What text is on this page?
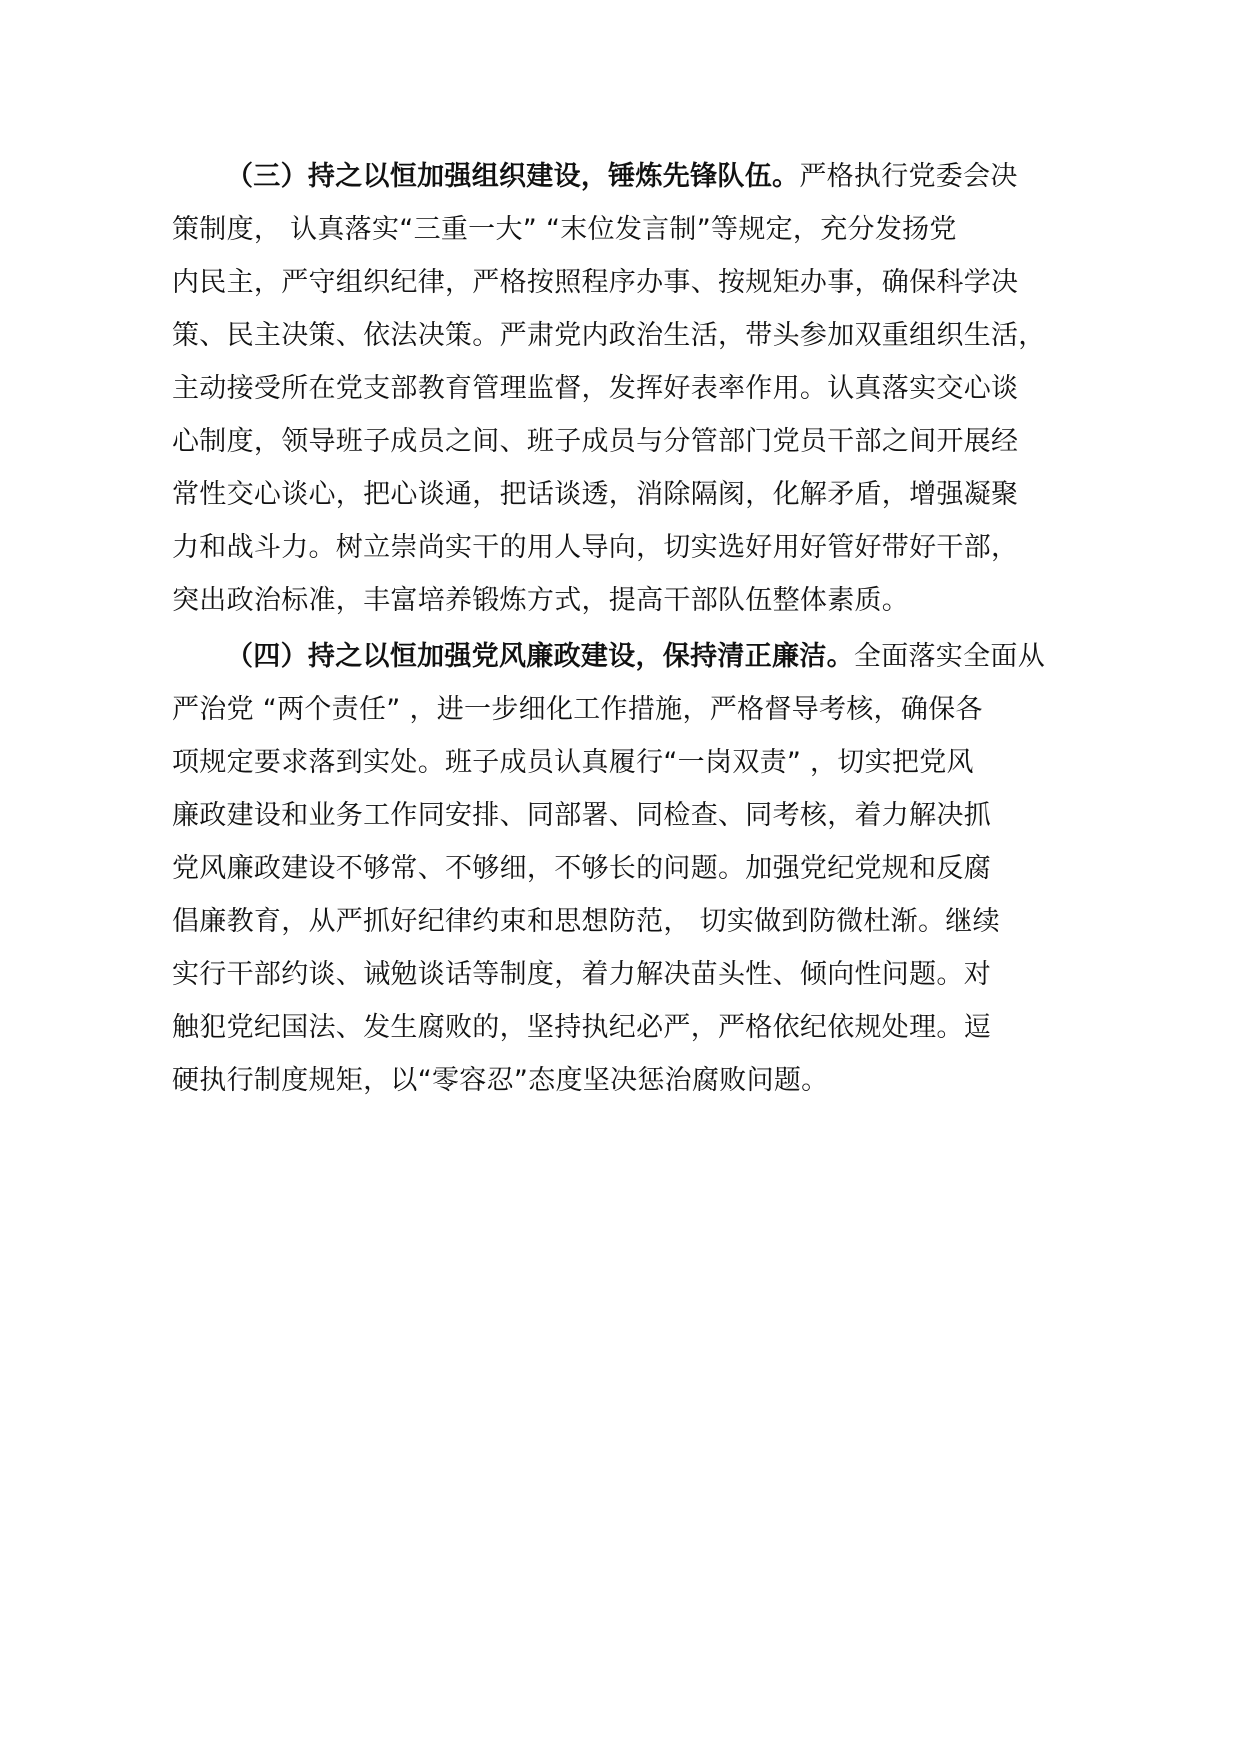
（三）持之以恒加强组织建设，锤炼先锋队伍。严格执行党委会决
策制度， 认真落实“三重一大” “末位发言制”等规定，充分发扬党
内民主，严守组织纪律，严格按照程序办事、按规矩办事，确保科学决
策、民主决策、依法决策。严肃党内政治生活，带头参加双重组织生活，
主动接受所在党支部教育管理监督，发挥好表率作用。认真落实交心谈
心制度，领导班子成员之间、班子成员与分管部门党员干部之间开展经
常性交心谈心，把心谈通，把话谈透，消除隔阂，化解矛盾，增强凝聚
力和战斗力。树立崇尚实干的用人导向，切实选好用好管好带好干部，
突出政治标准，丰富培养锻炼方式，提高干部队伍整体素质。
（四）持之以恒加强党风廉政建设，保持清正廉洁。全面落实全面从
严治党 “两个责任” ，进一步细化工作措施，严格督导考核，确保各
项规定要求落到实处。班子成员认真履行“一岗双责” ，切实把党风
廉政建设和业务工作同安排、同部署、同检查、同考核，着力解决抓
党风廉政建设不够常、不够细，不够长的问题。加强党纪党规和反腐
倡廉教育，从严抓好纪律约束和思想防范， 切实做到防微杜渐。继续
实行干部约谈、诫勉谈话等制度，着力解决苗头性、倾向性问题。对
触犯党纪国法、发生腐败的，坚持执纪必严，严格依纪依规处理。逗
硬执行制度规矩，以“零容忍”态度坚决惩治腐败问题。
